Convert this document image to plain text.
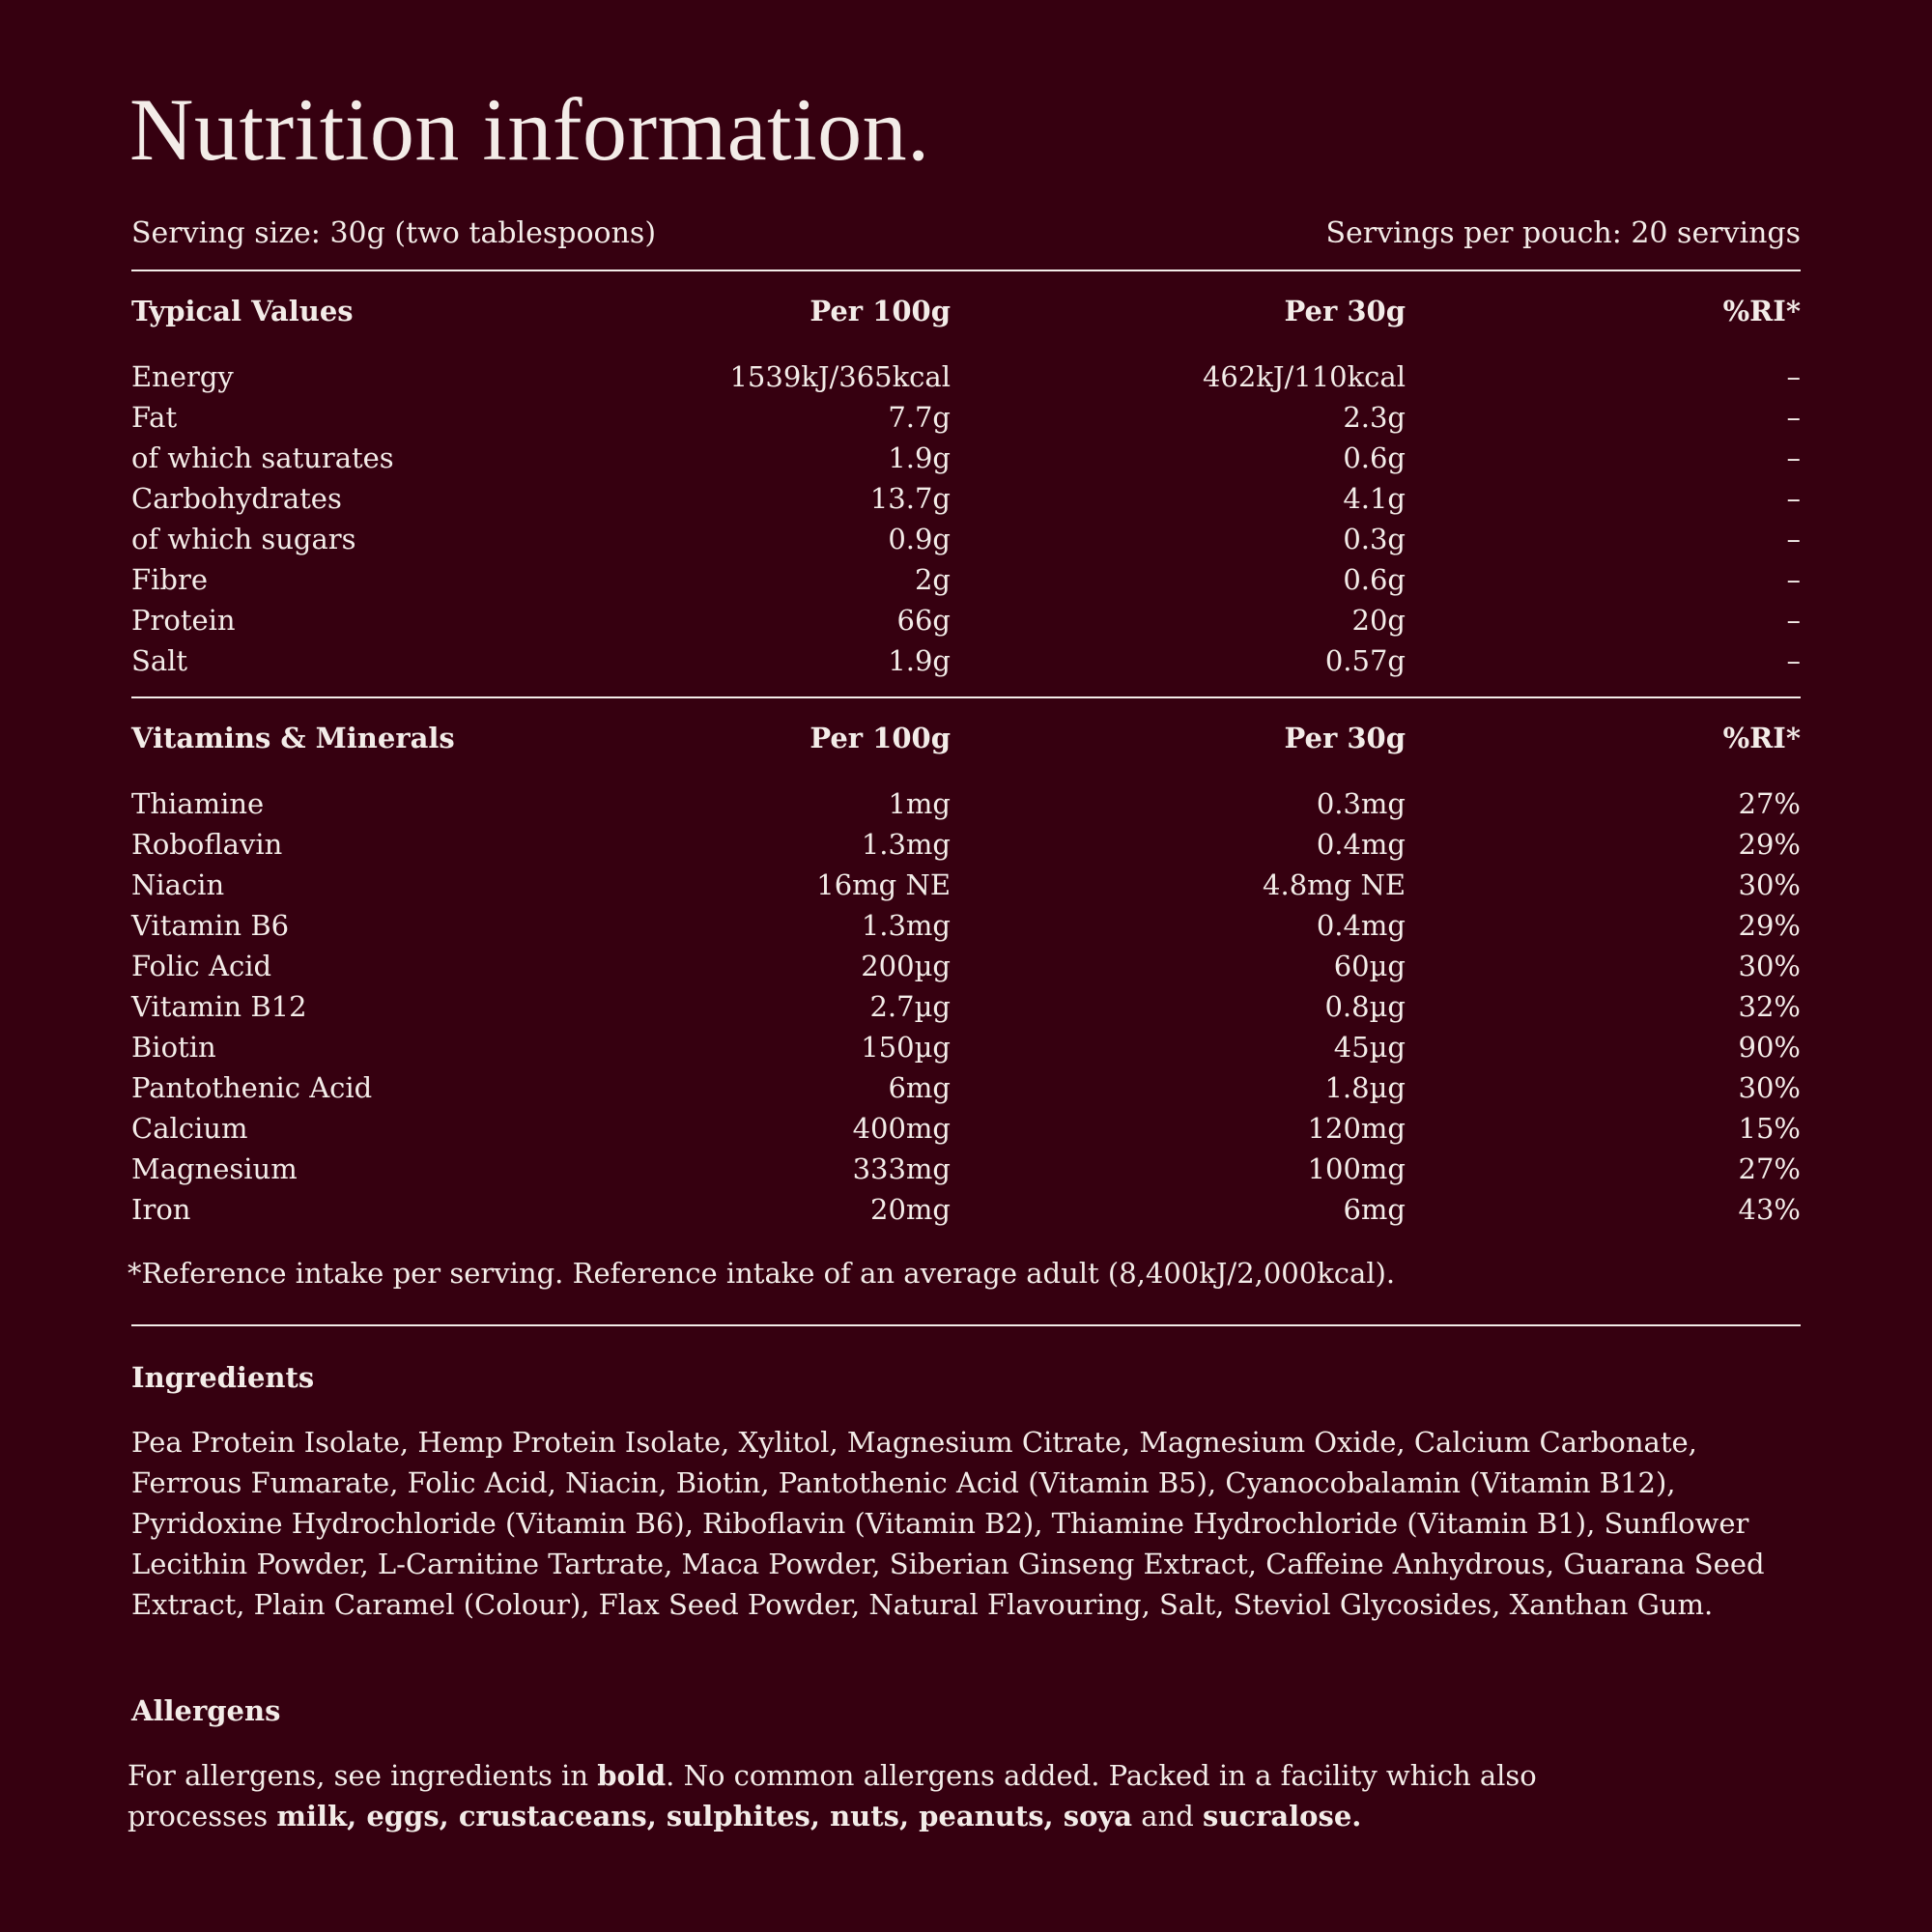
Nutrition information.
Serving size: 30g (two tablespoons)	Servings per pouch: 20 servings
Typical Values	Per 100g	Per 30g	%RI*
Energy	1539kJ/365kcal	462kJ/110kcal	–
Fat	7.7g	2.3g	–
of which saturates	1.9g	0.6g	–
Carbohydrates	13.7g	4.1g	–
of which sugars	0.9g	0.3g	–
Fibre	2g	0.6g	–
Protein	66g	20g	–
Salt	1.9g	0.57g	–
Vitamins & Minerals	Per 100g	Per 30g	%RI*
Thiamine	1mg	0.3mg	27%
Roboflavin	1.3mg	0.4mg	29%
Niacin	16mg NE	4.8mg NE	30%
Vitamin B6	1.3mg	0.4mg	29%
Folic Acid	200µg	60µg	30%
Vitamin B12	2.7µg	0.8µg	32%
Biotin	150µg	45µg	90%
Pantothenic Acid	6mg	1.8µg	30%
Calcium	400mg	120mg	15%
Magnesium	333mg	100mg	27%
Iron	20mg	6mg	43%
*Reference intake per serving. Reference intake of an average adult (8,400kJ/2,000kcal).
Ingredients

Pea Protein Isolate, Hemp Protein Isolate, Xylitol, Magnesium Citrate, Magnesium Oxide, Calcium Carbonate, Ferrous Fumarate, Folic Acid, Niacin, Biotin, Pantothenic Acid (Vitamin B5), Cyanocobalamin (Vitamin B12), Pyridoxine Hydrochloride (Vitamin B6), Riboflavin (Vitamin B2), Thiamine Hydrochloride (Vitamin B1), Sunflower Lecithin Powder, L-Carnitine Tartrate, Maca Powder, Siberian Ginseng Extract, Caffeine Anhydrous, Guarana Seed Extract, Plain Caramel (Colour), Flax Seed Powder, Natural Flavouring, Salt, Steviol Glycosides, Xanthan Gum.

Allergens

For allergens, see ingredients in bold. No common allergens added. Packed in a facility which also processes milk, eggs, crustaceans, sulphites, nuts, peanuts, soya and sucralose.
